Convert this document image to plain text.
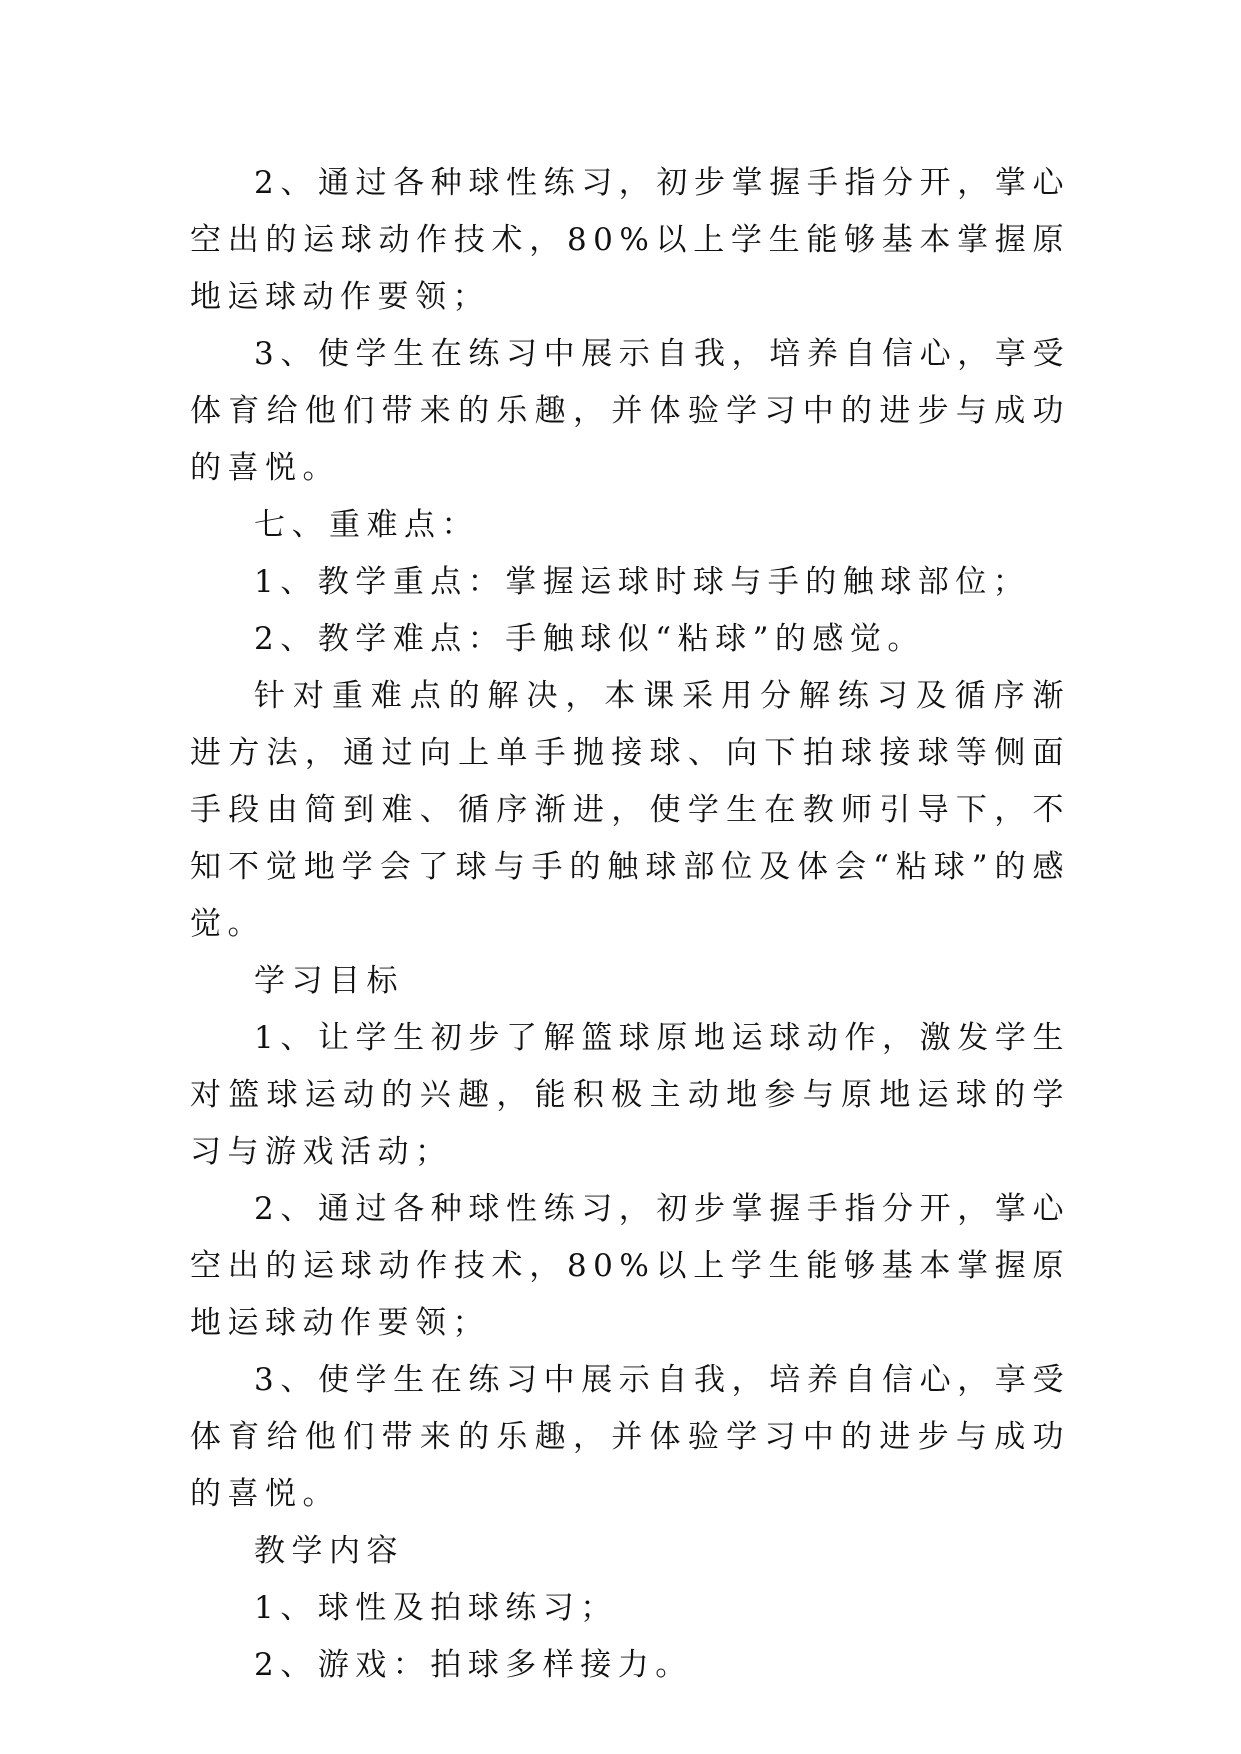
2、通过各种球性练习，初步掌握手指分开，掌心空出的运球动作技术，80%以上学生能够基本掌握原地运球动作要领；

3、使学生在练习中展示自我，培养自信心，享受体育给他们带来的乐趣，并体验学习中的进步与成功的喜悦。

七、重难点：

1、教学重点：掌握运球时球与手的触球部位；

2、教学难点：手触球似“粘球”的感觉。

针对重难点的解决，本课采用分解练习及循序渐进方法，通过向上单手抛接球、向下拍球接球等侧面手段由简到难、循序渐进，使学生在教师引导下，不知不觉地学会了球与手的触球部位及体会“粘球”的感觉。

学习目标

1、让学生初步了解篮球原地运球动作，激发学生对篮球运动的兴趣，能积极主动地参与原地运球的学习与游戏活动；

2、通过各种球性练习，初步掌握手指分开，掌心空出的运球动作技术，80%以上学生能够基本掌握原地运球动作要领；

3、使学生在练习中展示自我，培养自信心，享受体育给他们带来的乐趣，并体验学习中的进步与成功的喜悦。

教学内容

1、球性及拍球练习；

2、游戏：拍球多样接力。
